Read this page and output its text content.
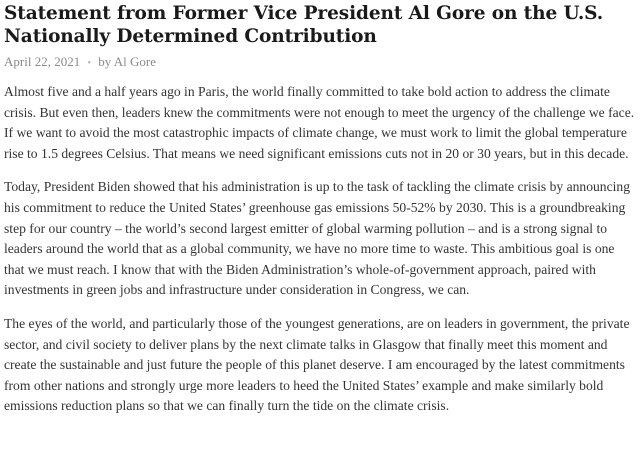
Statement from Former Vice President Al Gore on the U.S. Nationally Determined Contribution
April 22, 2021 • by Al Gore

Almost five and a half years ago in Paris, the world finally committed to take bold action to address the climate crisis. But even then, leaders knew the commitments were not enough to meet the urgency of the challenge we face. If we want to avoid the most catastrophic impacts of climate change, we must work to limit the global temperature rise to 1.5 degrees Celsius. That means we need significant emissions cuts not in 20 or 30 years, but in this decade.

Today, President Biden showed that his administration is up to the task of tackling the climate crisis by announcing his commitment to reduce the United States’ greenhouse gas emissions 50-52% by 2030. This is a groundbreaking step for our country – the world’s second largest emitter of global warming pollution – and is a strong signal to leaders around the world that as a global community, we have no more time to waste. This ambitious goal is one that we must reach. I know that with the Biden Administration’s whole-of-government approach, paired with investments in green jobs and infrastructure under consideration in Congress, we can.

The eyes of the world, and particularly those of the youngest generations, are on leaders in government, the private sector, and civil society to deliver plans by the next climate talks in Glasgow that finally meet this moment and create the sustainable and just future the people of this planet deserve. I am encouraged by the latest commitments from other nations and strongly urge more leaders to heed the United States’ example and make similarly bold emissions reduction plans so that we can finally turn the tide on the climate crisis.
